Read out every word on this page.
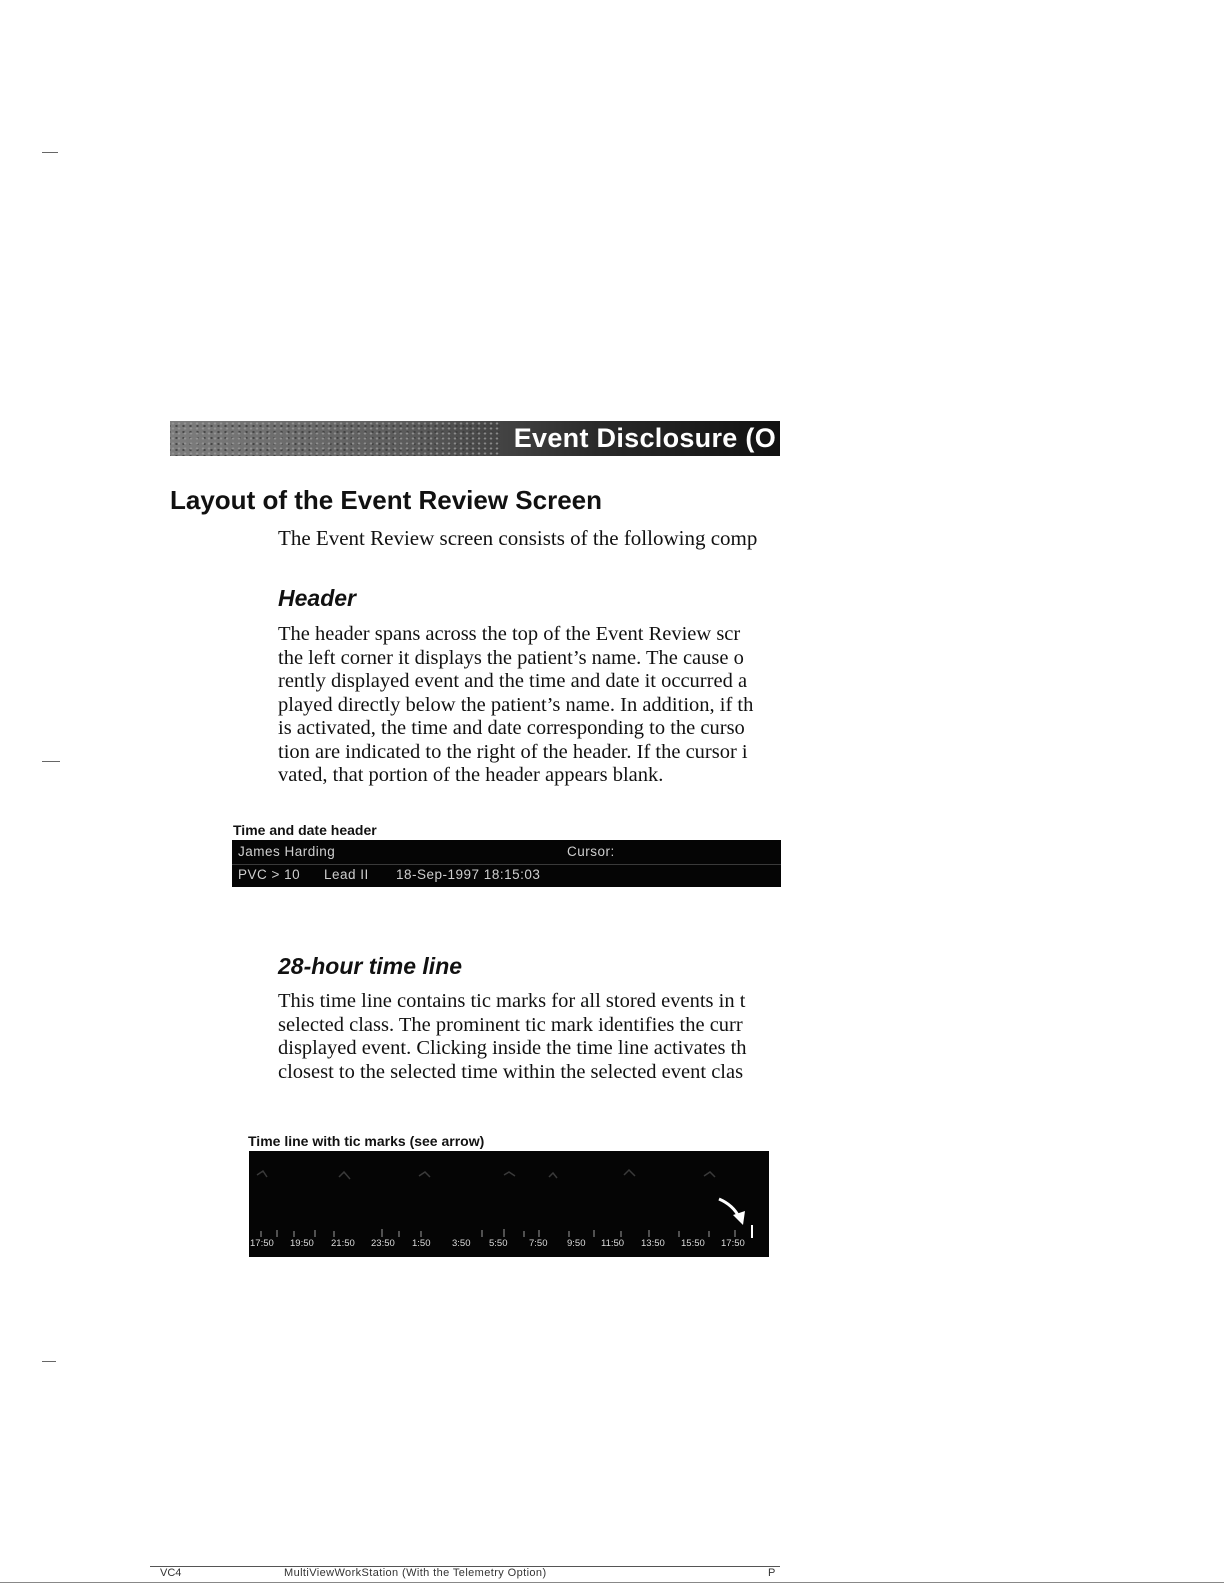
Event Disclosure (O
Layout of the Event Review Screen
The Event Review screen consists of the following comp
Header
The header spans across the top of the Event Review scr
the left corner it displays the patient’s name. The cause o
rently displayed event and the time and date it occurred a
played directly below the patient’s name. In addition, if th
is activated, the time and date corresponding to the curso
tion are indicated to the right of the header. If the cursor i
vated, that portion of the header appears blank.
Time and date header
James Harding	Cursor:
PVC > 10 Lead II 18-Sep-1997 18:15:03
28-hour time line
This time line contains tic marks for all stored events in t
selected class. The prominent tic mark identifies the curr
displayed event. Clicking inside the time line activates th
closest to the selected time within the selected event clas
Time line with tic marks (see arrow)
17:50 19:50 21:50 23:50 1:50 3:50 5:50 7:50 9:50 11:50 13:50 15:50 17:50
VC4	MultiViewWorkStation (With the Telemetry Option)	P
